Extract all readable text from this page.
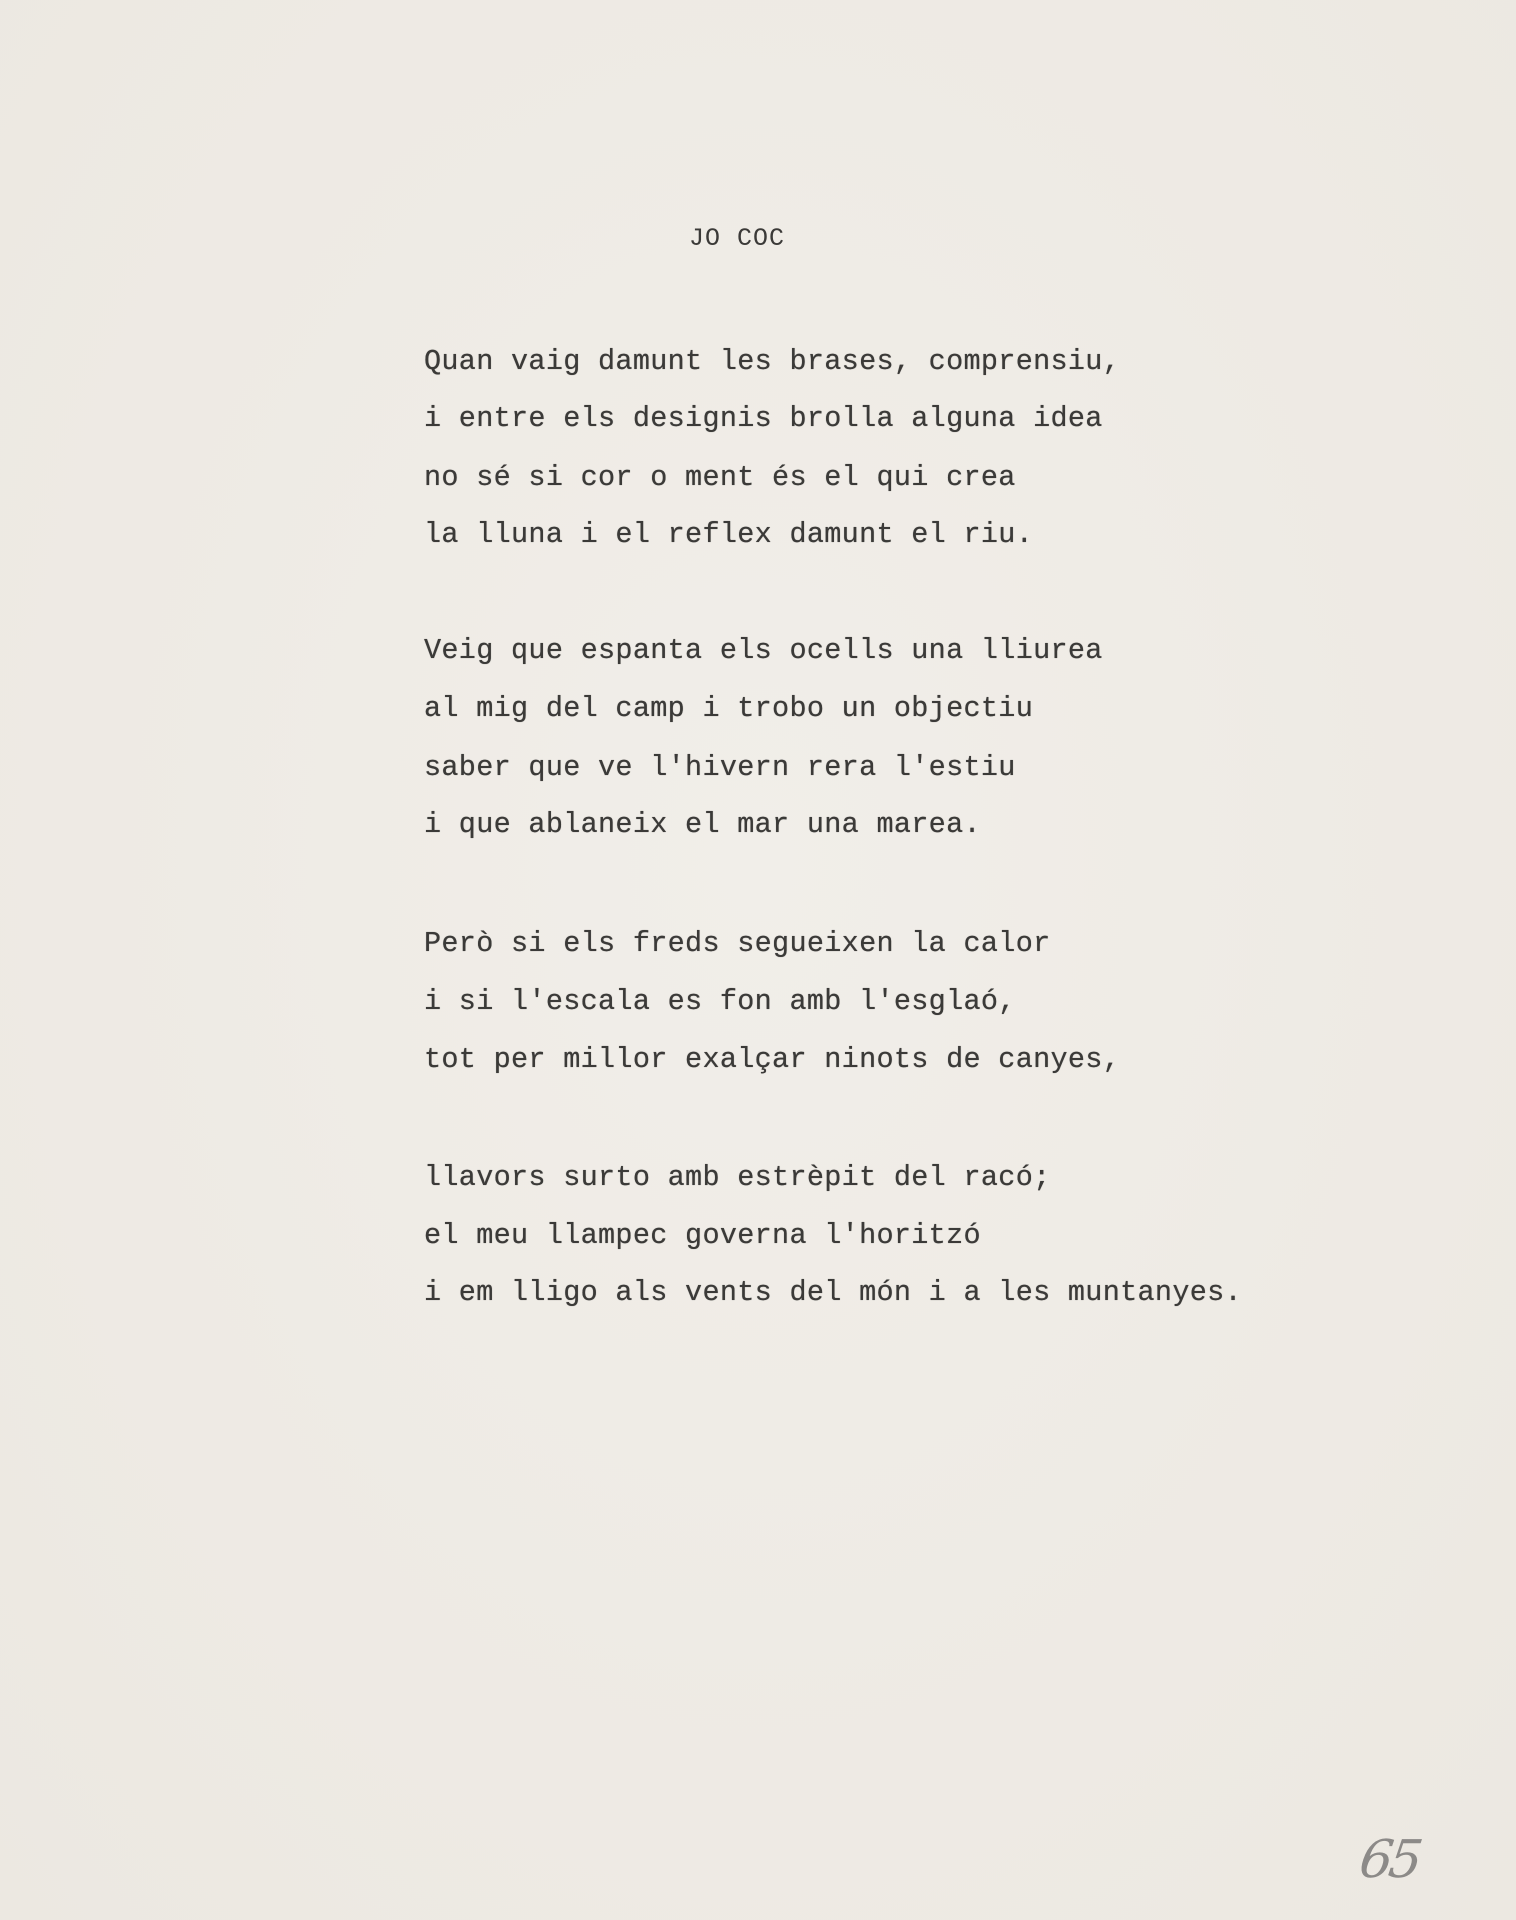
JO COC
Quan vaig damunt les brases, comprensiu,
i entre els designis brolla alguna idea
no sé si cor o ment és el qui crea
la lluna i el reflex damunt el riu.
Veig que espanta els ocells una lliurea
al mig del camp i trobo un objectiu
saber que ve l'hivern rera l'estiu
i que ablaneix el mar una marea.
Però si els freds segueixen la calor
i si l'escala es fon amb l'esglaó,
tot per millor exalçar ninots de canyes,
llavors surto amb estrèpit del racó;
el meu llampec governa l'horitzó
i em lligo als vents del món i a les muntanyes.
65
